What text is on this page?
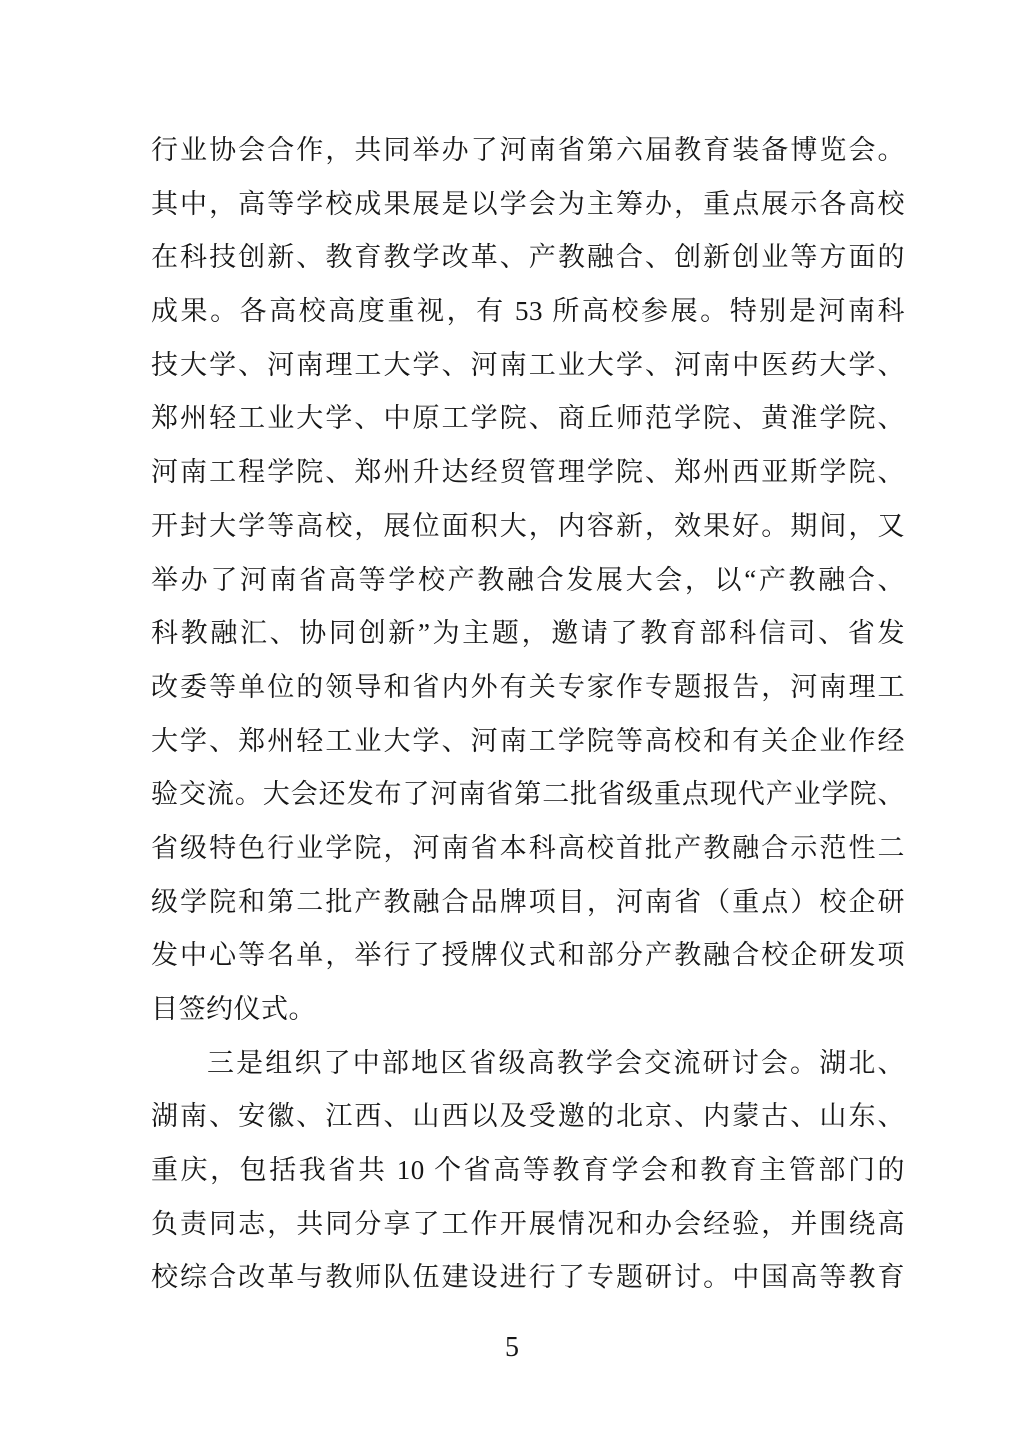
行业协会合作，共同举办了河南省第六届教育装备博览会。
其中，高等学校成果展是以学会为主筹办，重点展示各高校
在科技创新、教育教学改革、产教融合、创新创业等方面的
成果。各高校高度重视，有 53 所高校参展。特别是河南科
技大学、河南理工大学、河南工业大学、河南中医药大学、
郑州轻工业大学、中原工学院、商丘师范学院、黄淮学院、
河南工程学院、郑州升达经贸管理学院、郑州西亚斯学院、
开封大学等高校，展位面积大，内容新，效果好。期间，又
举办了河南省高等学校产教融合发展大会，以“产教融合、
科教融汇、协同创新”为主题，邀请了教育部科信司、省发
改委等单位的领导和省内外有关专家作专题报告，河南理工
大学、郑州轻工业大学、河南工学院等高校和有关企业作经
验交流。大会还发布了河南省第二批省级重点现代产业学院、
省级特色行业学院，河南省本科高校首批产教融合示范性二
级学院和第二批产教融合品牌项目，河南省（重点）校企研
发中心等名单，举行了授牌仪式和部分产教融合校企研发项
目签约仪式。
三是组织了中部地区省级高教学会交流研讨会。湖北、
湖南、安徽、江西、山西以及受邀的北京、内蒙古、山东、
重庆，包括我省共 10 个省高等教育学会和教育主管部门的
负责同志，共同分享了工作开展情况和办会经验，并围绕高
校综合改革与教师队伍建设进行了专题研讨。中国高等教育
5
